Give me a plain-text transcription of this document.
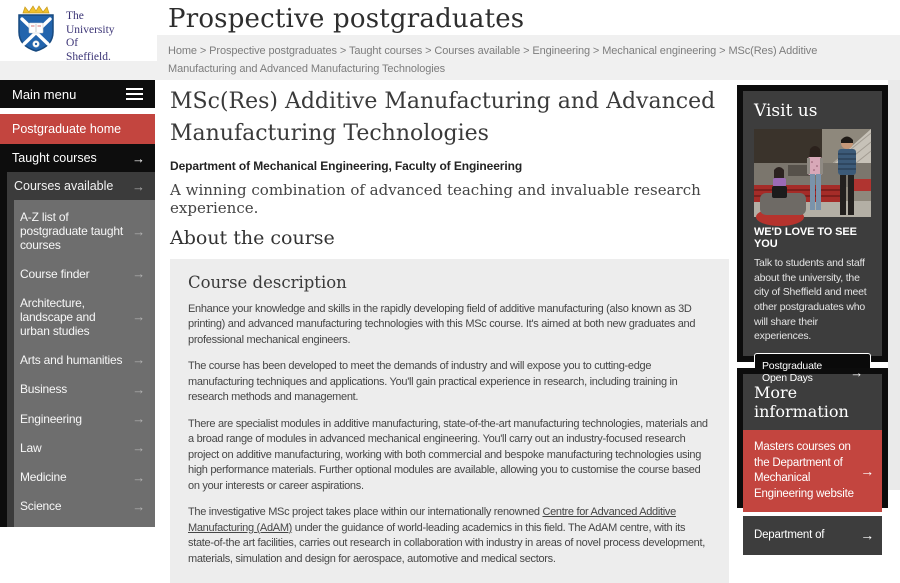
The
University
Of
Sheffield.
Prospective postgraduates
Home > Prospective postgraduates > Taught courses > Courses available > Engineering > Mechanical engineering > MSc(Res) Additive Manufacturing and Advanced Manufacturing Technologies
Main menu
Postgraduate home
Taught courses	→
Courses available →
A-Z list of postgraduate taught courses
→
Course finder	→
Architecture, landscape and urban studies
→
Arts and humanities →
Business	→
Engineering	→
Law	→
Medicine	→
Science	→
MSc(Res) Additive Manufacturing and Advanced Manufacturing Technologies

Department of Mechanical Engineering, Faculty of Engineering

A winning combination of advanced teaching and invaluable research experience.

About the course
Course description

Enhance your knowledge and skills in the rapidly developing field of additive manufacturing (also known as 3D printing) and advanced manufacturing technologies with this MSc course. It's aimed at both new graduates and professional mechanical engineers.

The course has been developed to meet the demands of industry and will expose you to cutting-edge manufacturing techniques and applications. You'll gain practical experience in research, including training in research methods and management.

There are specialist modules in additive manufacturing, state-of-the-art manufacturing technologies, materials and a broad range of modules in advanced mechanical engineering. You'll carry out an industry-focused research project on additive manufacturing, working with both commercial and bespoke manufacturing technologies using high performance materials. Further optional modules are available, allowing you to customise the course based on your interests or career aspirations.

The investigative MSc project takes place within our internationally renowned Centre for Advanced Additive Manufacturing (AdAM) under the guidance of world-leading academics in this field. The AdAM centre, with its state-of-the art facilities, carries out research in collaboration with industry in areas of novel process development, materials, simulation and design for aerospace, automotive and medical sectors.

Visit us

WE'D LOVE TO SEE YOU

Talk to students and staff about the university, the city of Sheffield and meet other postgraduates who will share their experiences.

Postgraduate Open Days	→
More information
Masters courses on the Department of Mechanical Engineering website
→
Department of	→
